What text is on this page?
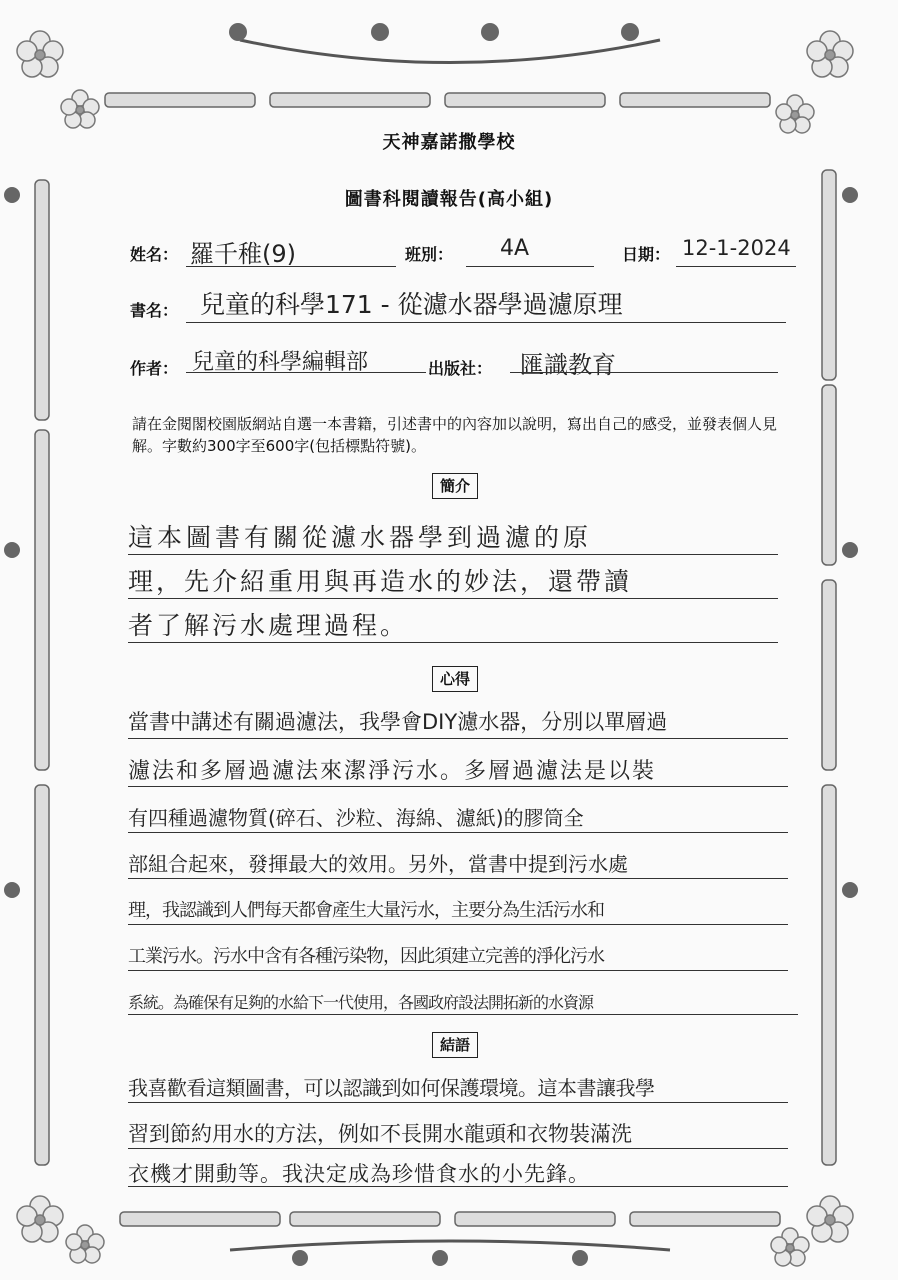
天神嘉諾撒學校
圖書科閱讀報告(高小組)
姓名： 羅千稚(9)	班別： 4A	日期： 12-1-2024
書名： 兒童的科學171 - 從濾水器學過濾原理
作者： 兒童的科學編輯部	出版社： 匯識教育
請在金閱閣校園版網站自選一本書籍，引述書中的內容加以說明，寫出自己的感受，並發表個人見解。字數約300字至600字(包括標點符號)。
簡介
這本圖書有關從濾水器學到過濾的原
理，先介紹重用與再造水的妙法，還帶讀
者了解污水處理過程。
心得
當書中講述有關過濾法，我學會DIY濾水器，分別以單層過
濾法和多層過濾法來潔淨污水。多層過濾法是以裝
有四種過濾物質(碎石、沙粒、海綿、濾紙)的膠筒全
部組合起來，發揮最大的效用。另外，當書中提到污水處
理，我認識到人們每天都會產生大量污水，主要分為生活污水和
工業污水。污水中含有各種污染物，因此須建立完善的淨化污水
系統。為確保有足夠的水給下一代使用，各國政府設法開拓新的水資源
結語
我喜歡看這類圖書，可以認識到如何保護環境。這本書讓我學
習到節約用水的方法，例如不長開水龍頭和衣物裝滿洗
衣機才開動等。我決定成為珍惜食水的小先鋒。
